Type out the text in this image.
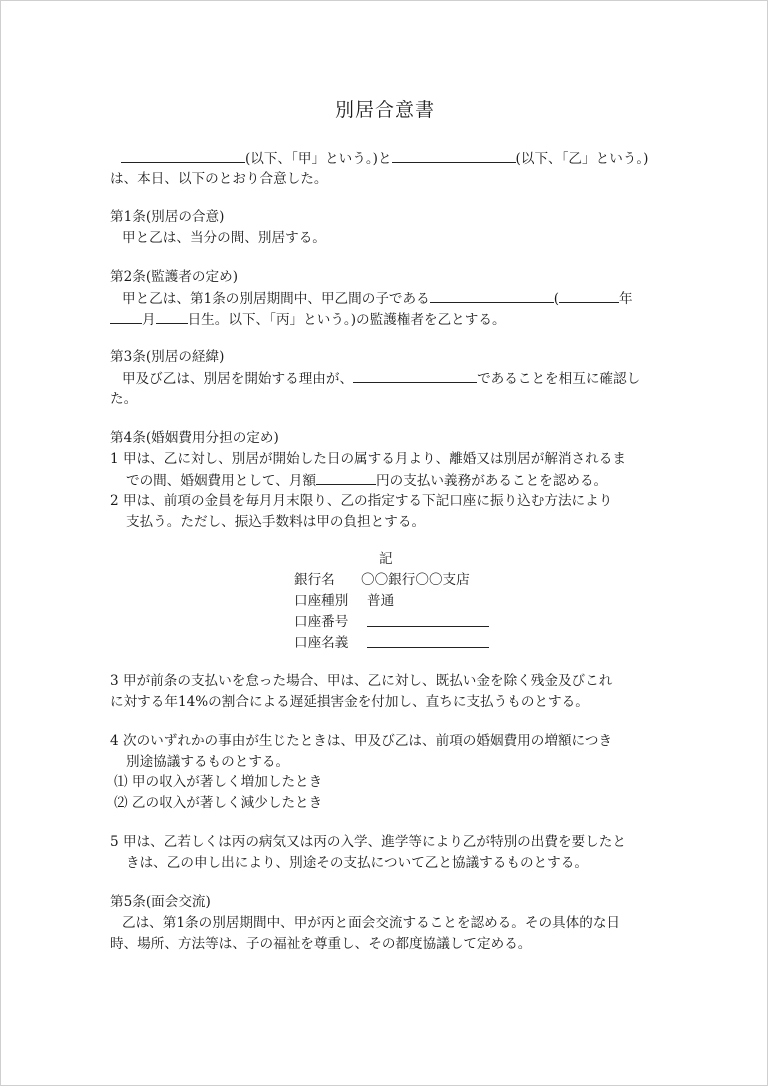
別居合意書
(以下、「甲」という。)と	(以下、「乙」という。)
は、本日、以下のとおり合意した。
第1条(別居の合意)
甲と乙は、当分の間、別居する。
第2条(監護者の定め)
甲と乙は、第1条の別居期間中、甲乙間の子である	(	年
月 日生。以下、「丙」という。)の監護権者を乙とする。
第3条(別居の経緯)
甲及び乙は、別居を開始する理由が、	であることを相互に確認し
た。
第4条(婚姻費用分担の定め)
1 甲は、乙に対し、別居が開始した日の属する月より、離婚又は別居が解消されるま
での間、婚姻費用として、月額	円の支払い義務があることを認める。
2 甲は、前項の金員を毎月月末限り、乙の指定する下記口座に振り込む方法により
支払う。ただし、振込手数料は甲の負担とする。
記
銀行名 〇〇銀行〇〇支店
口座種別 普通
口座番号
口座名義
3 甲が前条の支払いを怠った場合、甲は、乙に対し、既払い金を除く残金及びこれ
に対する年14%の割合による遅延損害金を付加し、直ちに支払うものとする。
4 次のいずれかの事由が生じたときは、甲及び乙は、前項の婚姻費用の増額につき
別途協議するものとする。
⑴ 甲の収入が著しく増加したとき
⑵ 乙の収入が著しく減少したとき
5 甲は、乙若しくは丙の病気又は丙の入学、進学等により乙が特別の出費を要したと
きは、乙の申し出により、別途その支払について乙と協議するものとする。
第5条(面会交流)
乙は、第1条の別居期間中、甲が丙と面会交流することを認める。その具体的な日
時、場所、方法等は、子の福祉を尊重し、その都度協議して定める。
